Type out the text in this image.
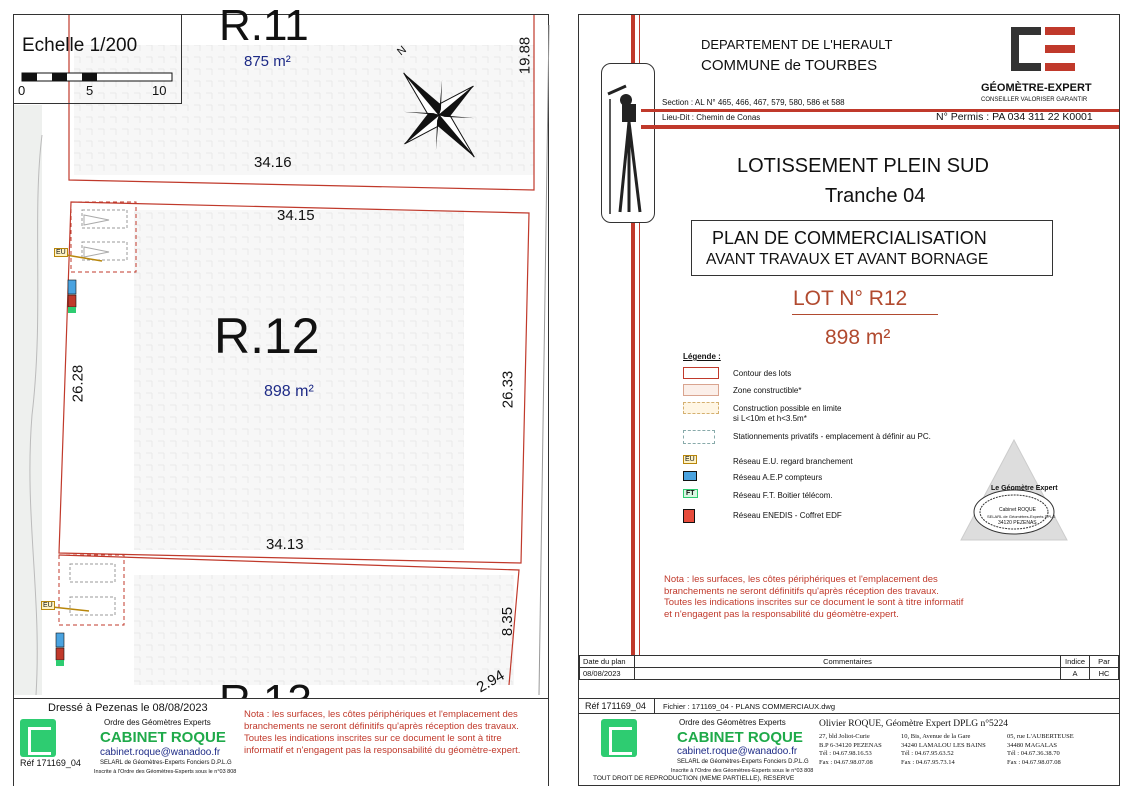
Echelle 1/200
0	5	10
N
R.11
875 m²
R.12
898 m²
19.88
34.16
34.15
26.28	26.33
34.13
8.35
2.94
EU
EU
Dressé à Pezenas le 08/08/2023
Ordre des Géomètres Experts
CABINET ROQUE
cabinet.roque@wanadoo.fr
SELARL de Géomètres-Experts Fonciers D.P.L.G
Inscrite à l'Ordre des Géomètres-Experts sous le n°03 808
Réf 171169_04
Nota : les surfaces, les côtes périphériques et l'emplacement des branchements ne seront définitifs qu'après réception des travaux.
Toutes les indications inscrites sur ce document le sont à titre informatif et n'engagent pas la responsabilité du géomètre-expert.
DEPARTEMENT DE L'HERAULT
COMMUNE de TOURBES
Section : AL N° 465, 466, 467, 579, 580, 586 et 588
Lieu-Dit : Chemin de Conas	N° Permis : PA 034 311 22 K0001
GÉOMÈTRE-EXPERT
CONSEILLER VALORISER GARANTIR
LOTISSEMENT PLEIN SUD
Tranche 04
PLAN DE COMMERCIALISATION
AVANT TRAVAUX ET AVANT BORNAGE
LOT N° R12
898 m²
Légende :
Contour des lots
Zone constructible*
Construction possible en limite
si L<10m et h<3.5m*
Stationnements privatifs - emplacement à définir au PC.
EU	Réseau E.U. regard branchement
Réseau A.E.P compteurs
FT	Réseau F.T. Boitier télécom.
Réseau ENEDIS - Coffret EDF
Le Géomètre Expert
Cabinet ROQUE
SELARL de Géomètres-Experts DPLG
34120 PEZENAS
Nota : les surfaces, les côtes périphériques et l'emplacement des branchements ne seront définitifs qu'après réception des travaux.
Toutes les indications inscrites sur ce document le sont à titre informatif et n'engagent pas la responsabilité du géomètre-expert.
Date du plan	Commentaires	Indice	Par
08/08/2023		A	HC
Réf 171169_04 Fichier : 171169_04 - PLANS COMMERCIAUX.dwg
Ordre des Géomètres Experts
CABINET ROQUE
cabinet.roque@wanadoo.fr
SELARL de Géomètres-Experts Fonciers D.P.L.G
Inscrite à l'Ordre des Géomètres-Experts sous le n°03 808
Olivier ROQUE, Géomètre Expert DPLG n°5224
27, bld Joliot-Curie
B.P 6-34120 PEZENAS
Tél : 04.67.98.16.53
Fax : 04.67.98.07.08
10, Bis, Avenue de la Gare
34240 LAMALOU LES BAINS
Tél : 04.67.95.63.52
Fax : 04.67.95.73.14
05, rue L'AUBERTEUSE
34480 MAGALAS
Tél : 04.67.36.38.70
Fax : 04.67.98.07.08
TOUT DROIT DE REPRODUCTION (MEME PARTIELLE), RESERVE
